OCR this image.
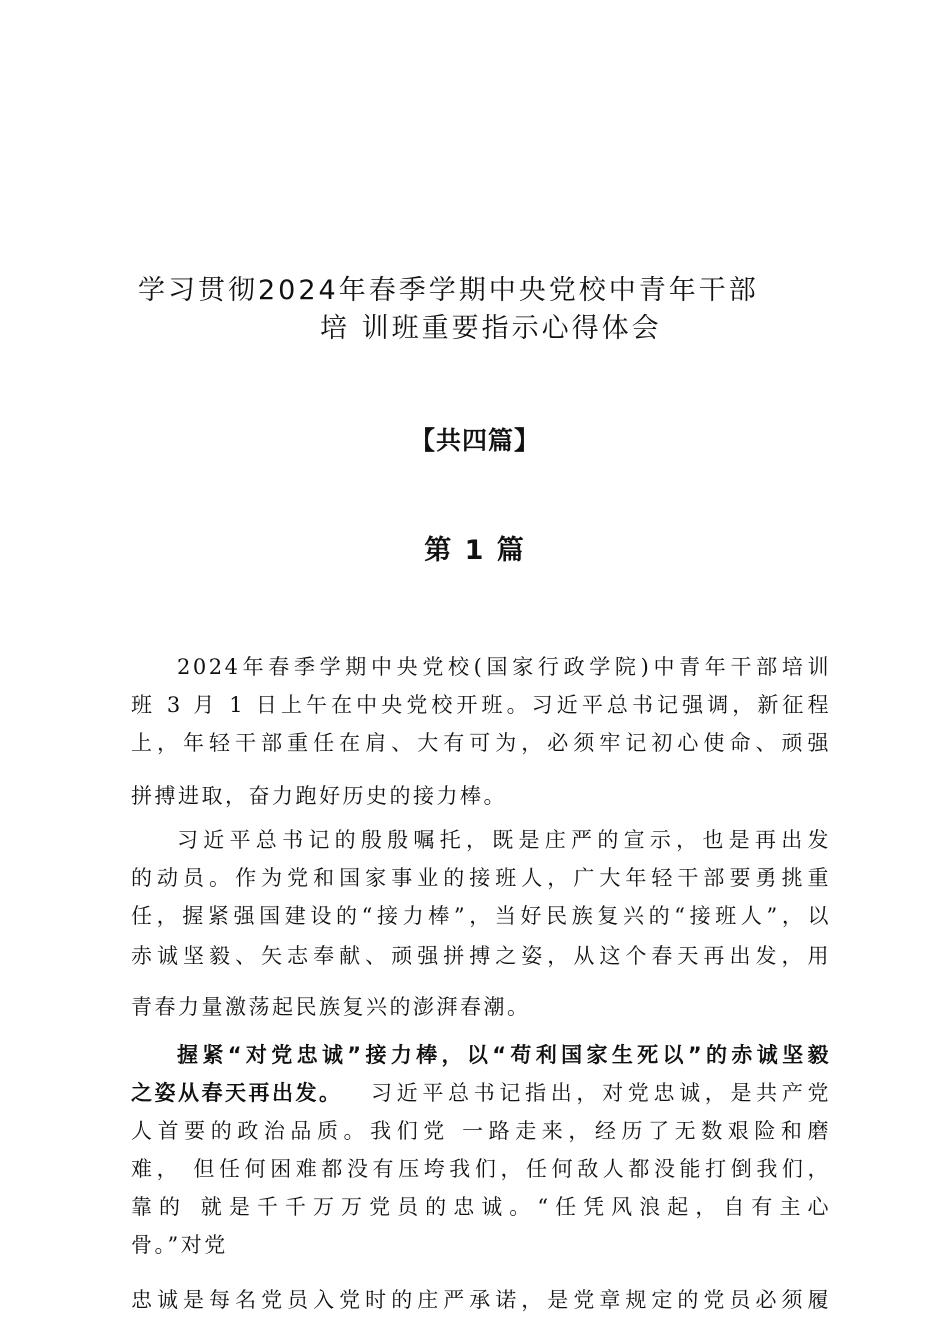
学习贯彻2024年春季学期中央党校中青年干部
培 训班重要指示心得体会
【共四篇】
第 1 篇
2024年春季学期中央党校(国家行政学院)中青年干部培训
班 3 月 1 日上午在中央党校开班。习近平总书记强调，新征程
上，年轻干部重任在肩、大有可为，必须牢记初心使命、顽强
拼搏进取，奋力跑好历史的接力棒。
习近平总书记的殷殷嘱托，既是庄严的宣示，也是再出发
的动员。作为党和国家事业的接班人，广大年轻干部要勇挑重
任，握紧强国建设的“接力棒”，当好民族复兴的“接班人”，以
赤诚坚毅、矢志奉献、顽强拼搏之姿，从这个春天再出发，用
青春力量激荡起民族复兴的澎湃春潮。
握紧“对党忠诚”接力棒，以“苟利国家生死以”的赤诚坚毅
之姿从春天再出发。	习近平总书记指出，对党忠诚，是共产党
人首要的政治品质。我们党 一路走来，经历了无数艰险和磨
难， 但任何困难都没有压垮我们，任何敌人都没能打倒我们，
靠的 就是千千万万党员的忠诚。“任凭风浪起，自有主心
骨。”对党
忠诚是每名党员入党时的庄严承诺，是党章规定的党员必须履
